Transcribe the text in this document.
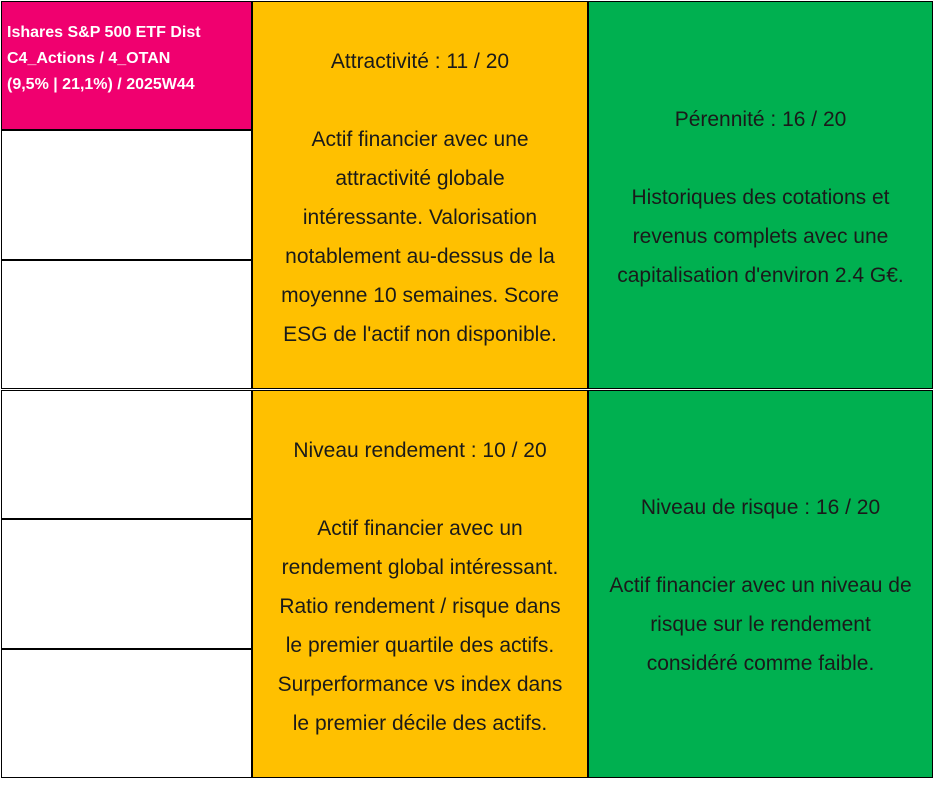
Ishares S&P 500 ETF Dist
C4_Actions / 4_OTAN
(9,5% | 21,1%) / 2025W44

Attractivité : 11 / 20

Actif financier avec une

attractivité globale

intéressante. Valorisation

notablement au-dessus de la

moyenne 10 semaines. Score

ESG de l'actif non disponible.

Pérennité : 16 / 20

Historiques des cotations et

revenus complets avec une

capitalisation d'environ 2.4 G€.

Niveau rendement : 10 / 20

Actif financier avec un

rendement global intéressant.

Ratio rendement / risque dans

le premier quartile des actifs.

Surperformance vs index dans

le premier décile des actifs.

Niveau de risque : 16 / 20

Actif financier avec un niveau de

risque sur le rendement

considéré comme faible.
